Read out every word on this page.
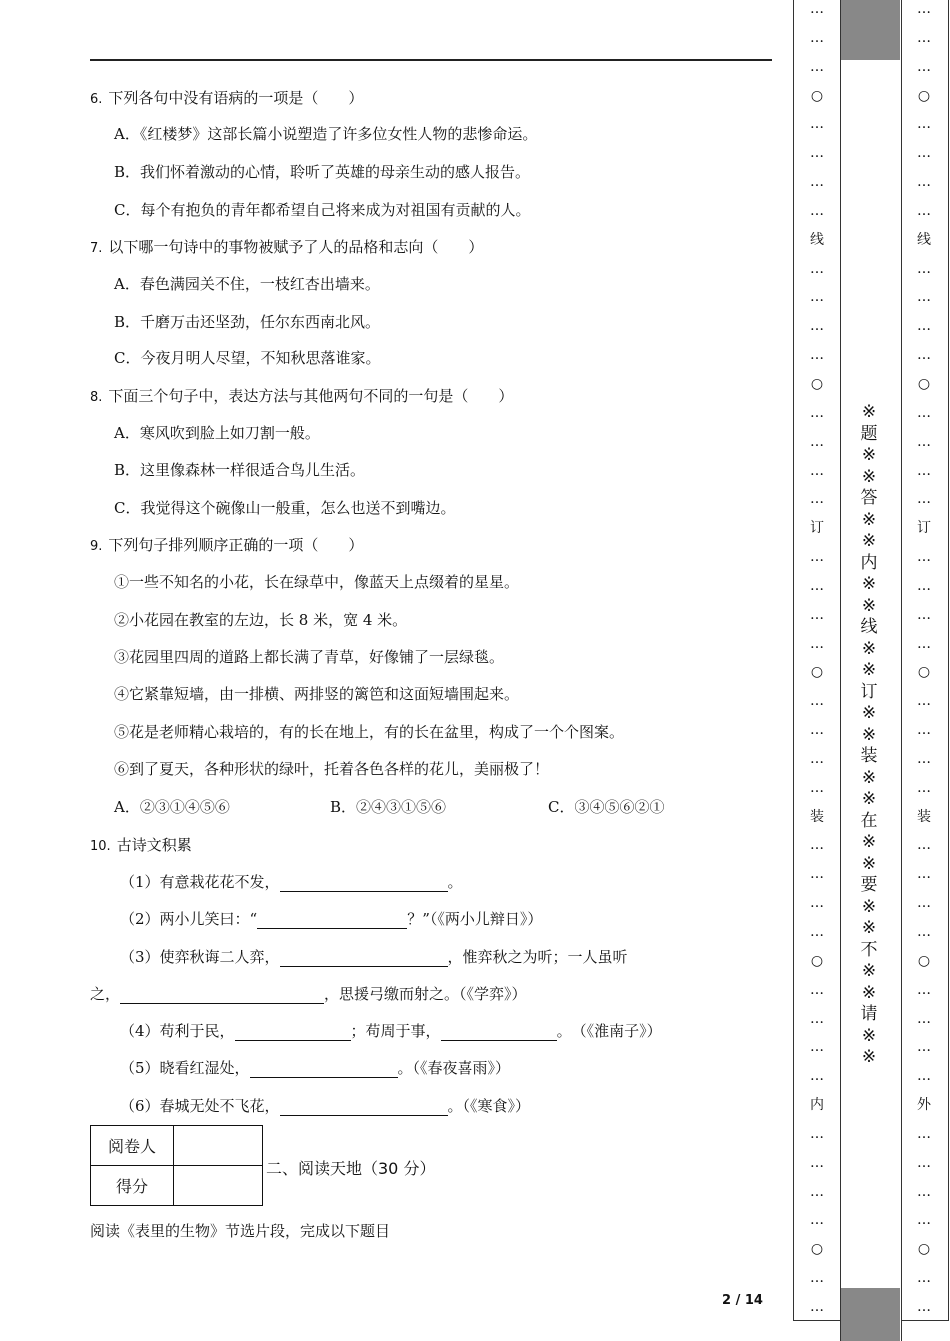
6. 下列各句中没有语病的一项是（　　）
A．《红楼梦》这部长篇小说塑造了许多位女性人物的悲惨命运。
B．我们怀着激动的心情，聆听了英雄的母亲生动的感人报告。
C．每个有抱负的青年都希望自己将来成为对祖国有贡献的人。
7. 以下哪一句诗中的事物被赋予了人的品格和志向（　　）
A．春色满园关不住，一枝红杏出墙来。
B．千磨万击还坚劲，任尔东西南北风。
C．今夜月明人尽望，不知秋思落谁家。
8. 下面三个句子中，表达方法与其他两句不同的一句是（　　）
A．寒风吹到脸上如刀割一般。
B．这里像森林一样很适合鸟儿生活。
C．我觉得这个碗像山一般重，怎么也送不到嘴边。
9. 下列句子排列顺序正确的一项（　　）
①一些不知名的小花，长在绿草中，像蓝天上点缀着的星星。
②小花园在教室的左边，长 8 米，宽 4 米。
③花园里四周的道路上都长满了青草，好像铺了一层绿毯。
④它紧靠短墙，由一排横、两排竖的篱笆和这面短墙围起来。
⑤花是老师精心栽培的，有的长在地上，有的长在盆里，构成了一个个图案。
⑥到了夏天，各种形状的绿叶，托着各色各样的花儿，美丽极了！
A．②③①④⑤⑥	B．②④③①⑤⑥	C．③④⑤⑥②①
10. 古诗文积累
（1）有意栽花花不发，	。
（2）两小儿笑曰：“	？”（《两小儿辩日》）
（3）使弈秋诲二人弈，	，惟弈秋之为听；一人虽听
之，	，思援弓缴而射之。（《学弈》）
（4）苟利于民，	；苟周于事，	。　（《淮南子》）
（5）晓看红湿处，	。（《春夜喜雨》）
（6）春城无处不飞花，	。（《寒食》）
阅卷人	
得分	
二、阅读天地（30 分）
阅读《表里的生物》节选片段，完成以下题目
2 / 14
…
…
…
○
…
…
…
…
线
…
…
…
…
○
…
…
…
…
订
…
…
…
…
○
…
…
…
…
装
…
…
…
…
○
…
…
…
…
内
…
…
…
…
○
…
…
…
…
…
○
…
…
…
…
线
…
…
…
…
○
…
…
…
…
订
…
…
…
…
○
…
…
…
…
装
…
…
…
…
○
…
…
…
…
外
…
…
…
…
○
…
…
※
题
※
※
答
※
※
内
※
※
线
※
※
订
※
※
装
※
※
在
※
※
要
※
※
不
※
※
请
※
※
